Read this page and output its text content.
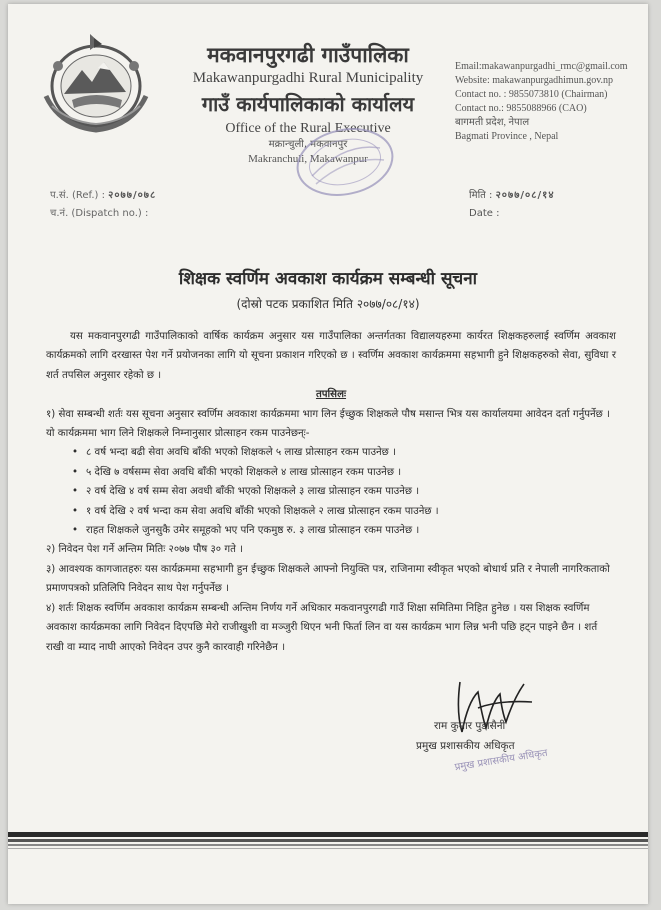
मकवानपुरगढी गाउँपालिका
Makawanpurgadhi Rural Municipality
गाउँ कार्यपालिकाको कार्यालय
Office of the Rural Executive
मक्रान्चुली, मकवानपुर
Makranchuli, Makawanpur
Email:makawanpurgadhi_rmc@gmail.com
Website: makawanpurgadhimun.gov.np
Contact no. : 9855073810 (Chairman)
Contact no.: 9855088966 (CAO)
बागमती प्रदेश, नेपाल
Bagmati Province , Nepal
प.सं. (Ref.) : २०७७/०७८
च.नं. (Dispatch no.) :
मिति : २०७७/०८/१४
Date :
शिक्षक स्वर्णिम अवकाश कार्यक्रम सम्बन्धी सूचना
(दोस्रो पटक प्रकाशित मिति २०७७/०८/१४)

यस मकवानपुरगढी गाउँपालिकाको वार्षिक कार्यक्रम अनुसार यस गाउँपालिका अन्तर्गतका विद्यालयहरुमा कार्यरत शिक्षकहरुलाई स्वर्णिम अवकाश कार्यक्रमको लागि दरखास्त पेश गर्ने प्रयोजनका लागि यो सूचना प्रकाशन गरिएको छ । स्वर्णिम अवकाश कार्यक्रममा सहभागी हुने शिक्षकहरुको सेवा, सुविधा र शर्त तपसिल अनुसार रहेको छ ।

तपसिलः

१) सेवा सम्बन्धी शर्तः यस सूचना अनुसार स्वर्णिम अवकाश कार्यक्रममा भाग लिन ईच्छुक शिक्षकले पौष मसान्त भित्र यस कार्यालयमा आवेदन दर्ता गर्नुपर्नेछ । यो कार्यक्रममा भाग लिने शिक्षकले निम्नानुसार प्रोत्साहन रकम पाउनेछन्ः-

• ८ वर्ष भन्दा बढी सेवा अवधि बाँकी भएको शिक्षकले ५ लाख प्रोत्साहन रकम पाउनेछ ।
• ५ देखि ७ वर्षसम्म सेवा अवधि बाँकी भएको शिक्षकले ४ लाख प्रोत्साहन रकम पाउनेछ ।
• २ वर्ष देखि ४ वर्ष सम्म सेवा अवधी बाँकी भएको शिक्षकले ३ लाख प्रोत्साहन रकम पाउनेछ ।
• १ वर्ष देखि २ वर्ष भन्दा कम सेवा अवधि बाँकी भएको शिक्षकले २ लाख प्रोत्साहन रकम पाउनेछ ।
• राहत शिक्षकले जुनसुकै उमेर समूहको भए पनि एकमुष्ठ रु. ३ लाख प्रोत्साहन रकम पाउनेछ ।

२) निवेदन पेश गर्ने अन्तिम मितिः २०७७ पौष ३० गते ।

३) आवश्यक कागजातहरुः यस कार्यक्रममा सहभागी हुन ईच्छुक शिक्षकले आफ्नो नियुक्ति पत्र, राजिनामा स्वीकृत भएको बोधार्थ प्रति र नेपाली नागरिकताको प्रमाणपत्रको प्रतिलिपि निवेदन साथ पेश गर्नुपर्नेछ ।

४) शर्तः शिक्षक स्वर्णिम अवकाश कार्यक्रम सम्बन्धी अन्तिम निर्णय गर्ने अधिकार मकवानपुरगढी गाउँ शिक्षा समितिमा निहित हुनेछ । यस शिक्षक स्वर्णिम अवकाश कार्यक्रमका लागि निवेदन दिएपछि मेरो राजीखुशी वा मञ्जुरी थिएन भनी फिर्ता लिन वा यस कार्यक्रम भाग लिन्न भनी पछि हट्न पाइने छैन । शर्त राखी वा म्याद नाघी आएको निवेदन उपर कुनै कारवाही गरिनेछैन ।

राम कुमार पुडासैनी
प्रमुख प्रशासकीय अधिकृत
प्रमुख प्रशासकीय अधिकृत
